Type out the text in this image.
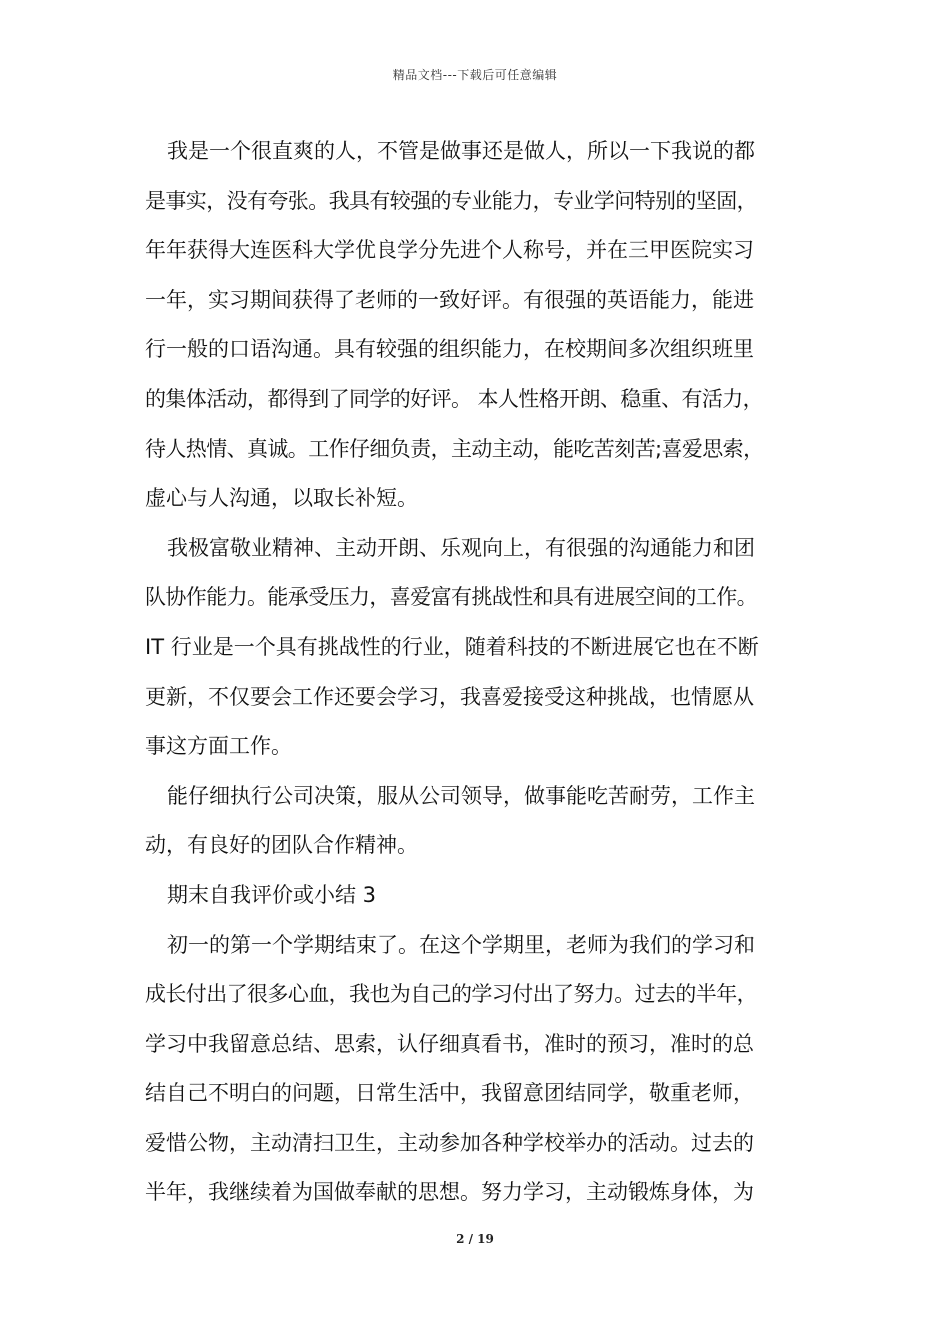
精品文档---下载后可任意编辑
我是一个很直爽的人，不管是做事还是做人，所以一下我说的都
是事实，没有夸张。我具有较强的专业能力，专业学问特别的坚固，
年年获得大连医科大学优良学分先进个人称号，并在三甲医院实习
一年，实习期间获得了老师的一致好评。有很强的英语能力，能进
行一般的口语沟通。具有较强的组织能力，在校期间多次组织班里
的集体活动，都得到了同学的好评。 本人性格开朗、稳重、有活力，
待人热情、真诚。工作仔细负责，主动主动，能吃苦刻苦;喜爱思索，
虚心与人沟通，以取长补短。
我极富敬业精神、主动开朗、乐观向上，有很强的沟通能力和团
队协作能力。能承受压力，喜爱富有挑战性和具有进展空间的工作。
IT 行业是一个具有挑战性的行业，随着科技的不断进展它也在不断
更新，不仅要会工作还要会学习，我喜爱接受这种挑战，也情愿从
事这方面工作。
能仔细执行公司决策，服从公司领导，做事能吃苦耐劳，工作主
动，有良好的团队合作精神。
期末自我评价或小结 3
初一的第一个学期结束了。在这个学期里，老师为我们的学习和
成长付出了很多心血，我也为自己的学习付出了努力。过去的半年，
学习中我留意总结、思索，认仔细真看书，准时的预习，准时的总
结自己不明白的问题，日常生活中，我留意团结同学，敬重老师，
爱惜公物，主动清扫卫生，主动参加各种学校举办的活动。过去的
半年，我继续着为国做奉献的思想。努力学习，主动锻炼身体，为
2 / 19
